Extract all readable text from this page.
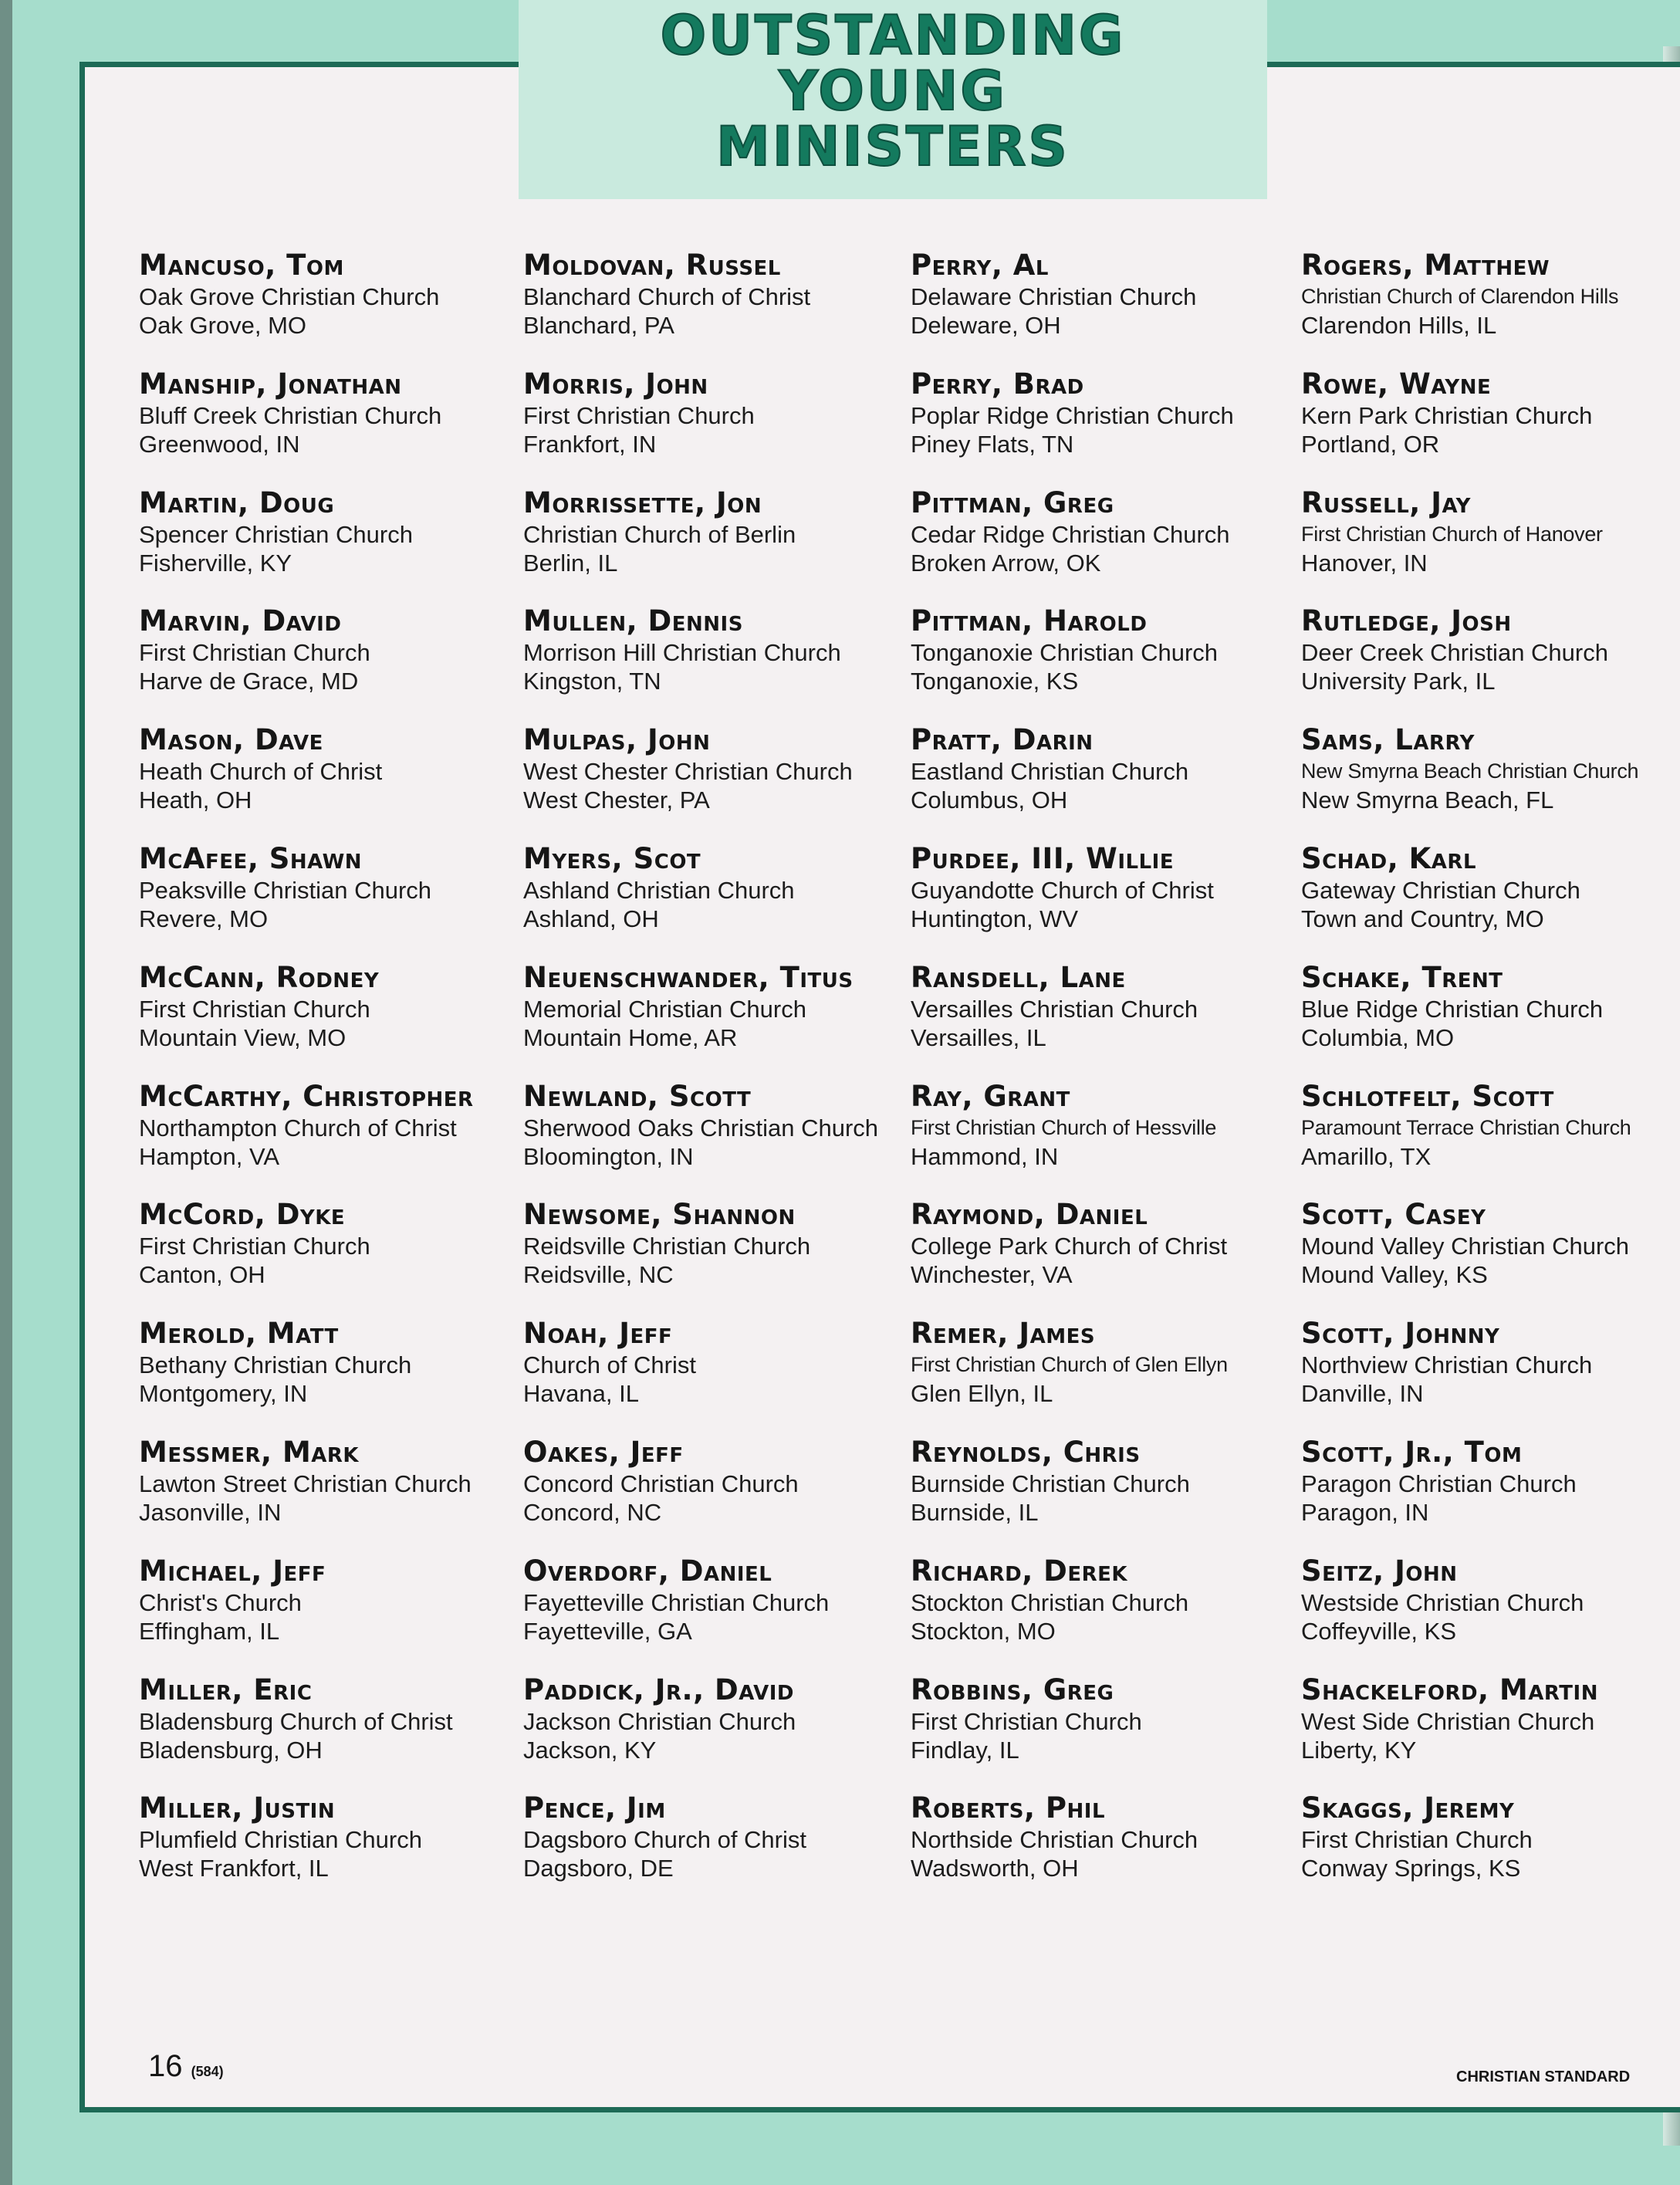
OUTSTANDING
YOUNG
MINISTERS
Mancuso, Tom
Oak Grove Christian Church
Oak Grove, MO
Manship, Jonathan
Bluff Creek Christian Church
Greenwood, IN
Martin, Doug
Spencer Christian Church
Fisherville, KY
Marvin, David
First Christian Church
Harve de Grace, MD
Mason, Dave
Heath Church of Christ
Heath, OH
McAfee, Shawn
Peaksville Christian Church
Revere, MO
McCann, Rodney
First Christian Church
Mountain View, MO
McCarthy, Christopher
Northampton Church of Christ
Hampton, VA
McCord, Dyke
First Christian Church
Canton, OH
Merold, Matt
Bethany Christian Church
Montgomery, IN
Messmer, Mark
Lawton Street Christian Church
Jasonville, IN
Michael, Jeff
Christ's Church
Effingham, IL
Miller, Eric
Bladensburg Church of Christ
Bladensburg, OH
Miller, Justin
Plumfield Christian Church
West Frankfort, IL
Moldovan, Russel
Blanchard Church of Christ
Blanchard, PA
Morris, John
First Christian Church
Frankfort, IN
Morrissette, Jon
Christian Church of Berlin
Berlin, IL
Mullen, Dennis
Morrison Hill Christian Church
Kingston, TN
Mulpas, John
West Chester Christian Church
West Chester, PA
Myers, Scot
Ashland Christian Church
Ashland, OH
Neuenschwander, Titus
Memorial Christian Church
Mountain Home, AR
Newland, Scott
Sherwood Oaks Christian Church
Bloomington, IN
Newsome, Shannon
Reidsville Christian Church
Reidsville, NC
Noah, Jeff
Church of Christ
Havana, IL
Oakes, Jeff
Concord Christian Church
Concord, NC
Overdorf, Daniel
Fayetteville Christian Church
Fayetteville, GA
Paddick, Jr., David
Jackson Christian Church
Jackson, KY
Pence, Jim
Dagsboro Church of Christ
Dagsboro, DE
Perry, Al
Delaware Christian Church
Deleware, OH
Perry, Brad
Poplar Ridge Christian Church
Piney Flats, TN
Pittman, Greg
Cedar Ridge Christian Church
Broken Arrow, OK
Pittman, Harold
Tonganoxie Christian Church
Tonganoxie, KS
Pratt, Darin
Eastland Christian Church
Columbus, OH
Purdee, III, Willie
Guyandotte Church of Christ
Huntington, WV
Ransdell, Lane
Versailles Christian Church
Versailles, IL
Ray, Grant
First Christian Church of Hessville
Hammond, IN
Raymond, Daniel
College Park Church of Christ
Winchester, VA
Remer, James
First Christian Church of Glen Ellyn
Glen Ellyn, IL
Reynolds, Chris
Burnside Christian Church
Burnside, IL
Richard, Derek
Stockton Christian Church
Stockton, MO
Robbins, Greg
First Christian Church
Findlay, IL
Roberts, Phil
Northside Christian Church
Wadsworth, OH
Rogers, Matthew
Christian Church of Clarendon Hills
Clarendon Hills, IL
Rowe, Wayne
Kern Park Christian Church
Portland, OR
Russell, Jay
First Christian Church of Hanover
Hanover, IN
Rutledge, Josh
Deer Creek Christian Church
University Park, IL
Sams, Larry
New Smyrna Beach Christian Church
New Smyrna Beach, FL
Schad, Karl
Gateway Christian Church
Town and Country, MO
Schake, Trent
Blue Ridge Christian Church
Columbia, MO
Schlotfelt, Scott
Paramount Terrace Christian Church
Amarillo, TX
Scott, Casey
Mound Valley Christian Church
Mound Valley, KS
Scott, Johnny
Northview Christian Church
Danville, IN
Scott, Jr., Tom
Paragon Christian Church
Paragon, IN
Seitz, John
Westside Christian Church
Coffeyville, KS
Shackelford, Martin
West Side Christian Church
Liberty, KY
Skaggs, Jeremy
First Christian Church
Conway Springs, KS
16 (584)	CHRISTIAN STANDARD
